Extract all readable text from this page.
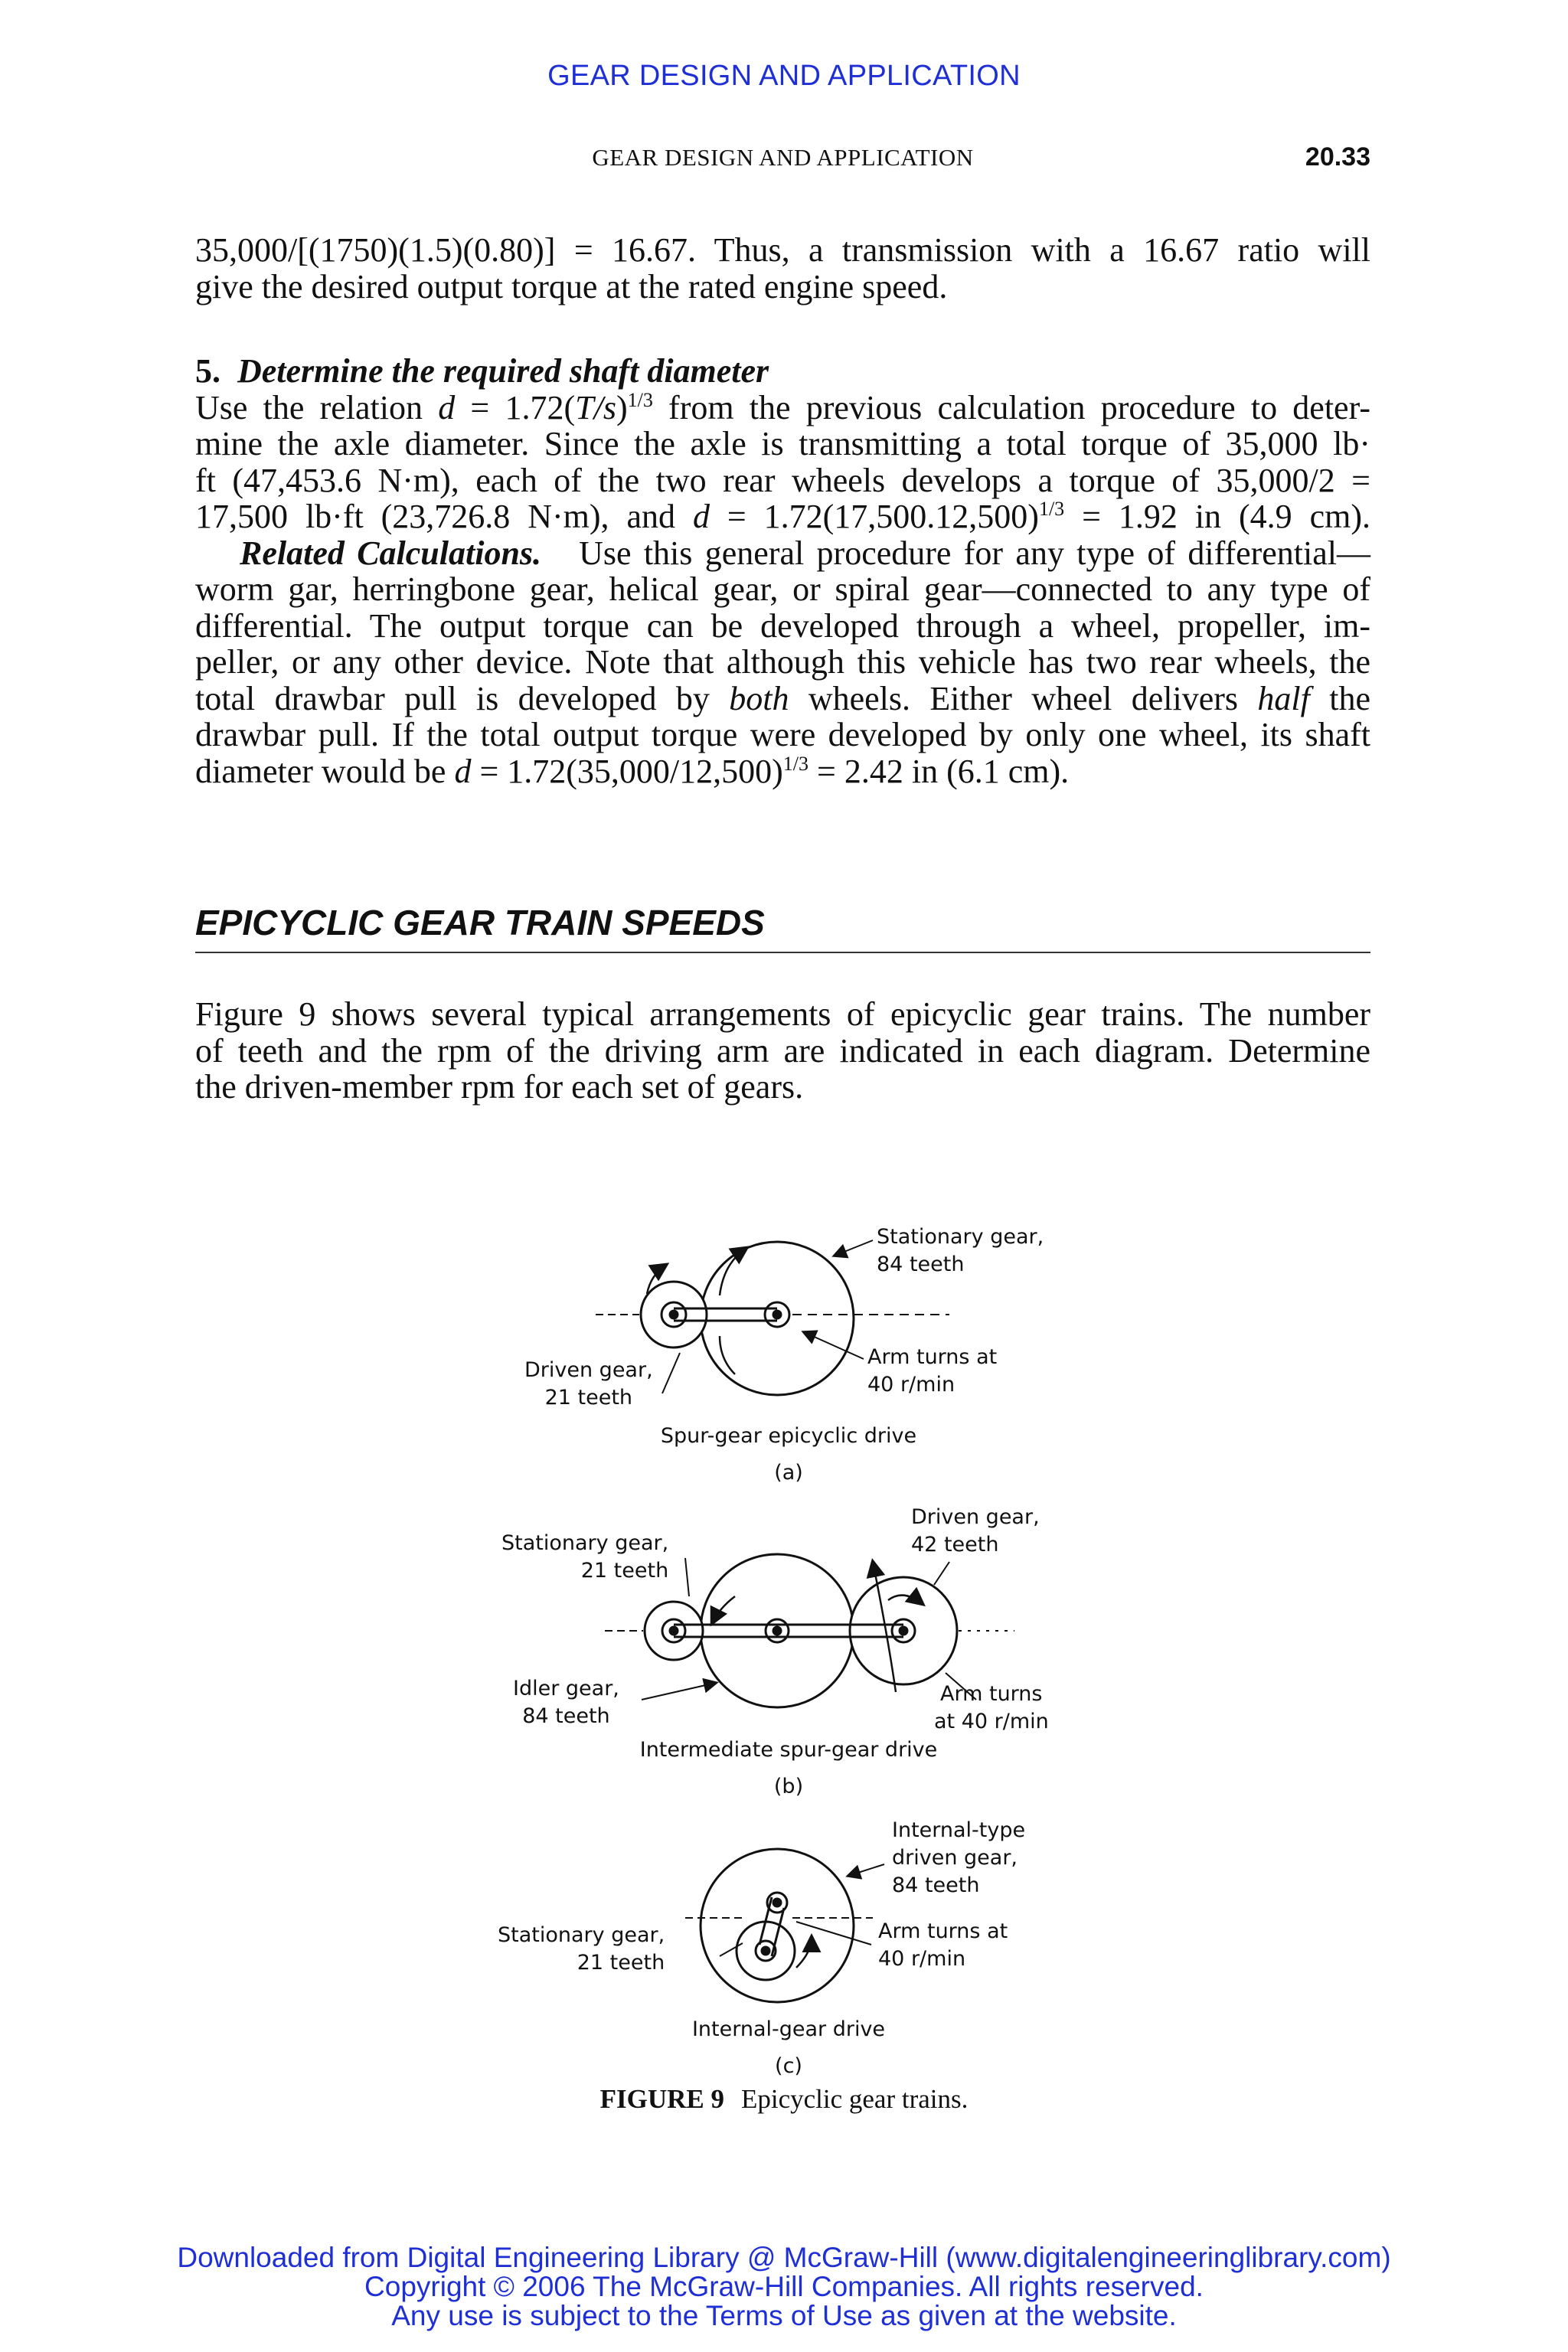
GEAR DESIGN AND APPLICATION
GEAR DESIGN AND APPLICATION	20.33
35,000/[(1750)(1.5)(0.80)] = 16.67. Thus, a transmission with a 16.67 ratio will
give the desired output torque at the rated engine speed.
5. Determine the required shaft diameter
Use the relation $d = 1.72(T/s)^{1/3}$ from the previous calculation procedure to deter-
mine the axle diameter. Since the axle is transmitting a total torque of 35,000 lb·
ft (47,453.6 N·m), each of the two rear wheels develops a torque of 35,000/2 =
17,500 lb·ft (23,726.8 N·m), and $d = 1.72(17,500.12,500)^{1/3} = 1.92$ in (4.9 cm).
Related Calculations. Use this general procedure for any type of differential—
worm gar, herringbone gear, helical gear, or spiral gear—connected to any type of
differential. The output torque can be developed through a wheel, propeller, im-
peller, or any other device. Note that although this vehicle has two rear wheels, the
total drawbar pull is developed by both wheels. Either wheel delivers half the
drawbar pull. If the total output torque were developed by only one wheel, its shaft
diameter would be $d = 1.72(35,000/12,500)^{1/3} = 2.42$ in (6.1 cm).
EPICYCLIC GEAR TRAIN SPEEDS
Figure 9 shows several typical arrangements of epicyclic gear trains. The number
of teeth and the rpm of the driving arm are indicated in each diagram. Determine
the driven-member rpm for each set of gears.
Stationary gear,
84 teeth
Arm turns at
40 r/min
Driven gear,
21 teeth
Spur-gear epicyclic drive
(a)
Driven gear,
42 teeth
Stationary gear,
21 teeth
Idler gear,
84 teeth
Arm turns
at 40 r/min
Intermediate spur-gear drive
(b)
Internal-type
driven gear,
84 teeth
Arm turns at
40 r/min
Stationary gear,
21 teeth
Internal-gear drive
(c)
FIGURE 9 Epicyclic gear trains.
Downloaded from Digital Engineering Library @ McGraw-Hill (www.digitalengineeringlibrary.com)
Copyright © 2006 The McGraw-Hill Companies. All rights reserved.
Any use is subject to the Terms of Use as given at the website.
